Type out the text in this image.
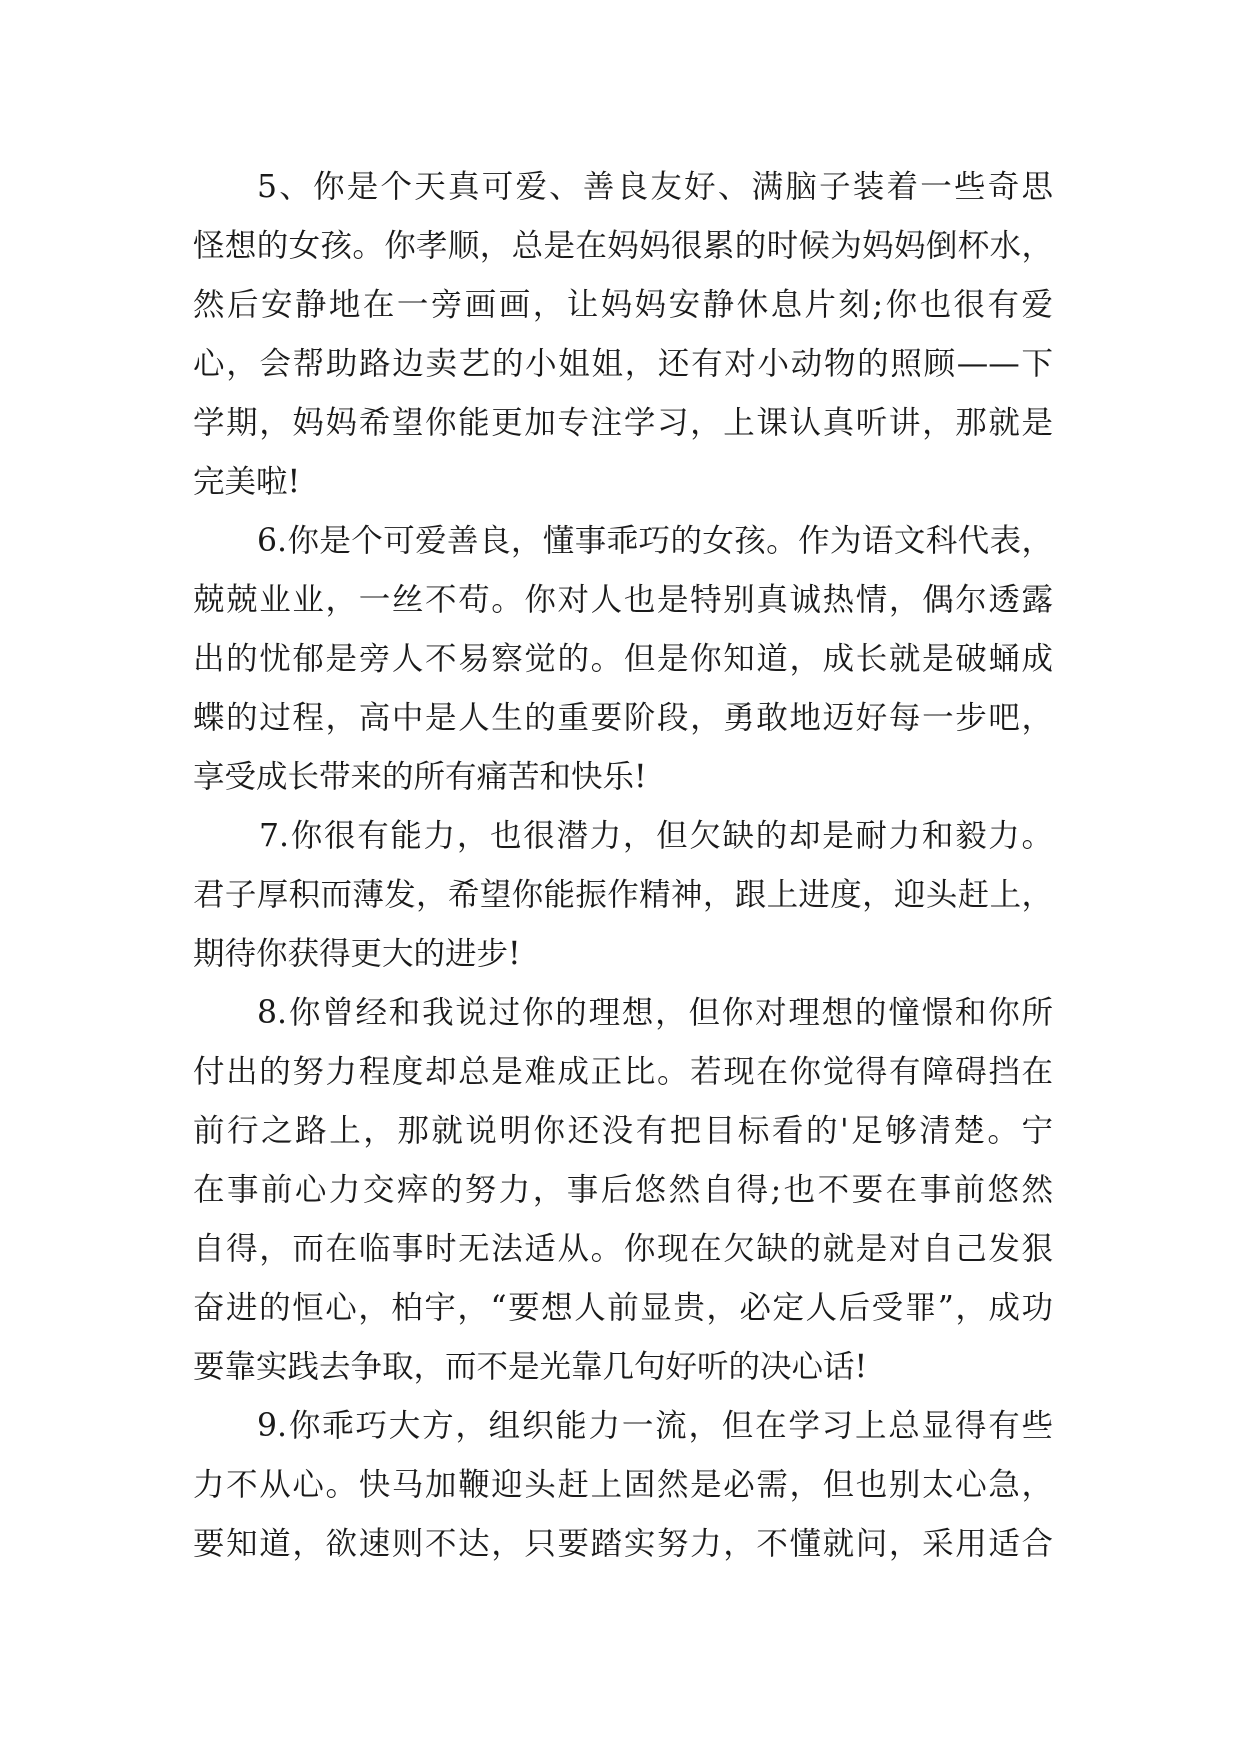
5、你是个天真可爱、善良友好、满脑子装着一些奇思
怪想的女孩。你孝顺，总是在妈妈很累的时候为妈妈倒杯水，
然后安静地在一旁画画，让妈妈安静休息片刻;你也很有爱
心，会帮助路边卖艺的小姐姐，还有对小动物的照顾——下
学期，妈妈希望你能更加专注学习，上课认真听讲，那就是
完美啦!
6.你是个可爱善良，懂事乖巧的女孩。作为语文科代表，
兢兢业业，一丝不苟。你对人也是特别真诚热情，偶尔透露
出的忧郁是旁人不易察觉的。但是你知道，成长就是破蛹成
蝶的过程，高中是人生的重要阶段，勇敢地迈好每一步吧，
享受成长带来的所有痛苦和快乐!
7.你很有能力，也很潜力，但欠缺的却是耐力和毅力。
君子厚积而薄发，希望你能振作精神，跟上进度，迎头赶上，
期待你获得更大的进步!
8.你曾经和我说过你的理想，但你对理想的憧憬和你所
付出的努力程度却总是难成正比。若现在你觉得有障碍挡在
前行之路上，那就说明你还没有把目标看的'足够清楚。宁
在事前心力交瘁的努力，事后悠然自得;也不要在事前悠然
自得，而在临事时无法适从。你现在欠缺的就是对自己发狠
奋进的恒心，柏宇，“要想人前显贵，必定人后受罪”，成功
要靠实践去争取，而不是光靠几句好听的决心话!
9.你乖巧大方，组织能力一流，但在学习上总显得有些
力不从心。快马加鞭迎头赶上固然是必需，但也别太心急，
要知道，欲速则不达，只要踏实努力，不懂就问，采用适合
